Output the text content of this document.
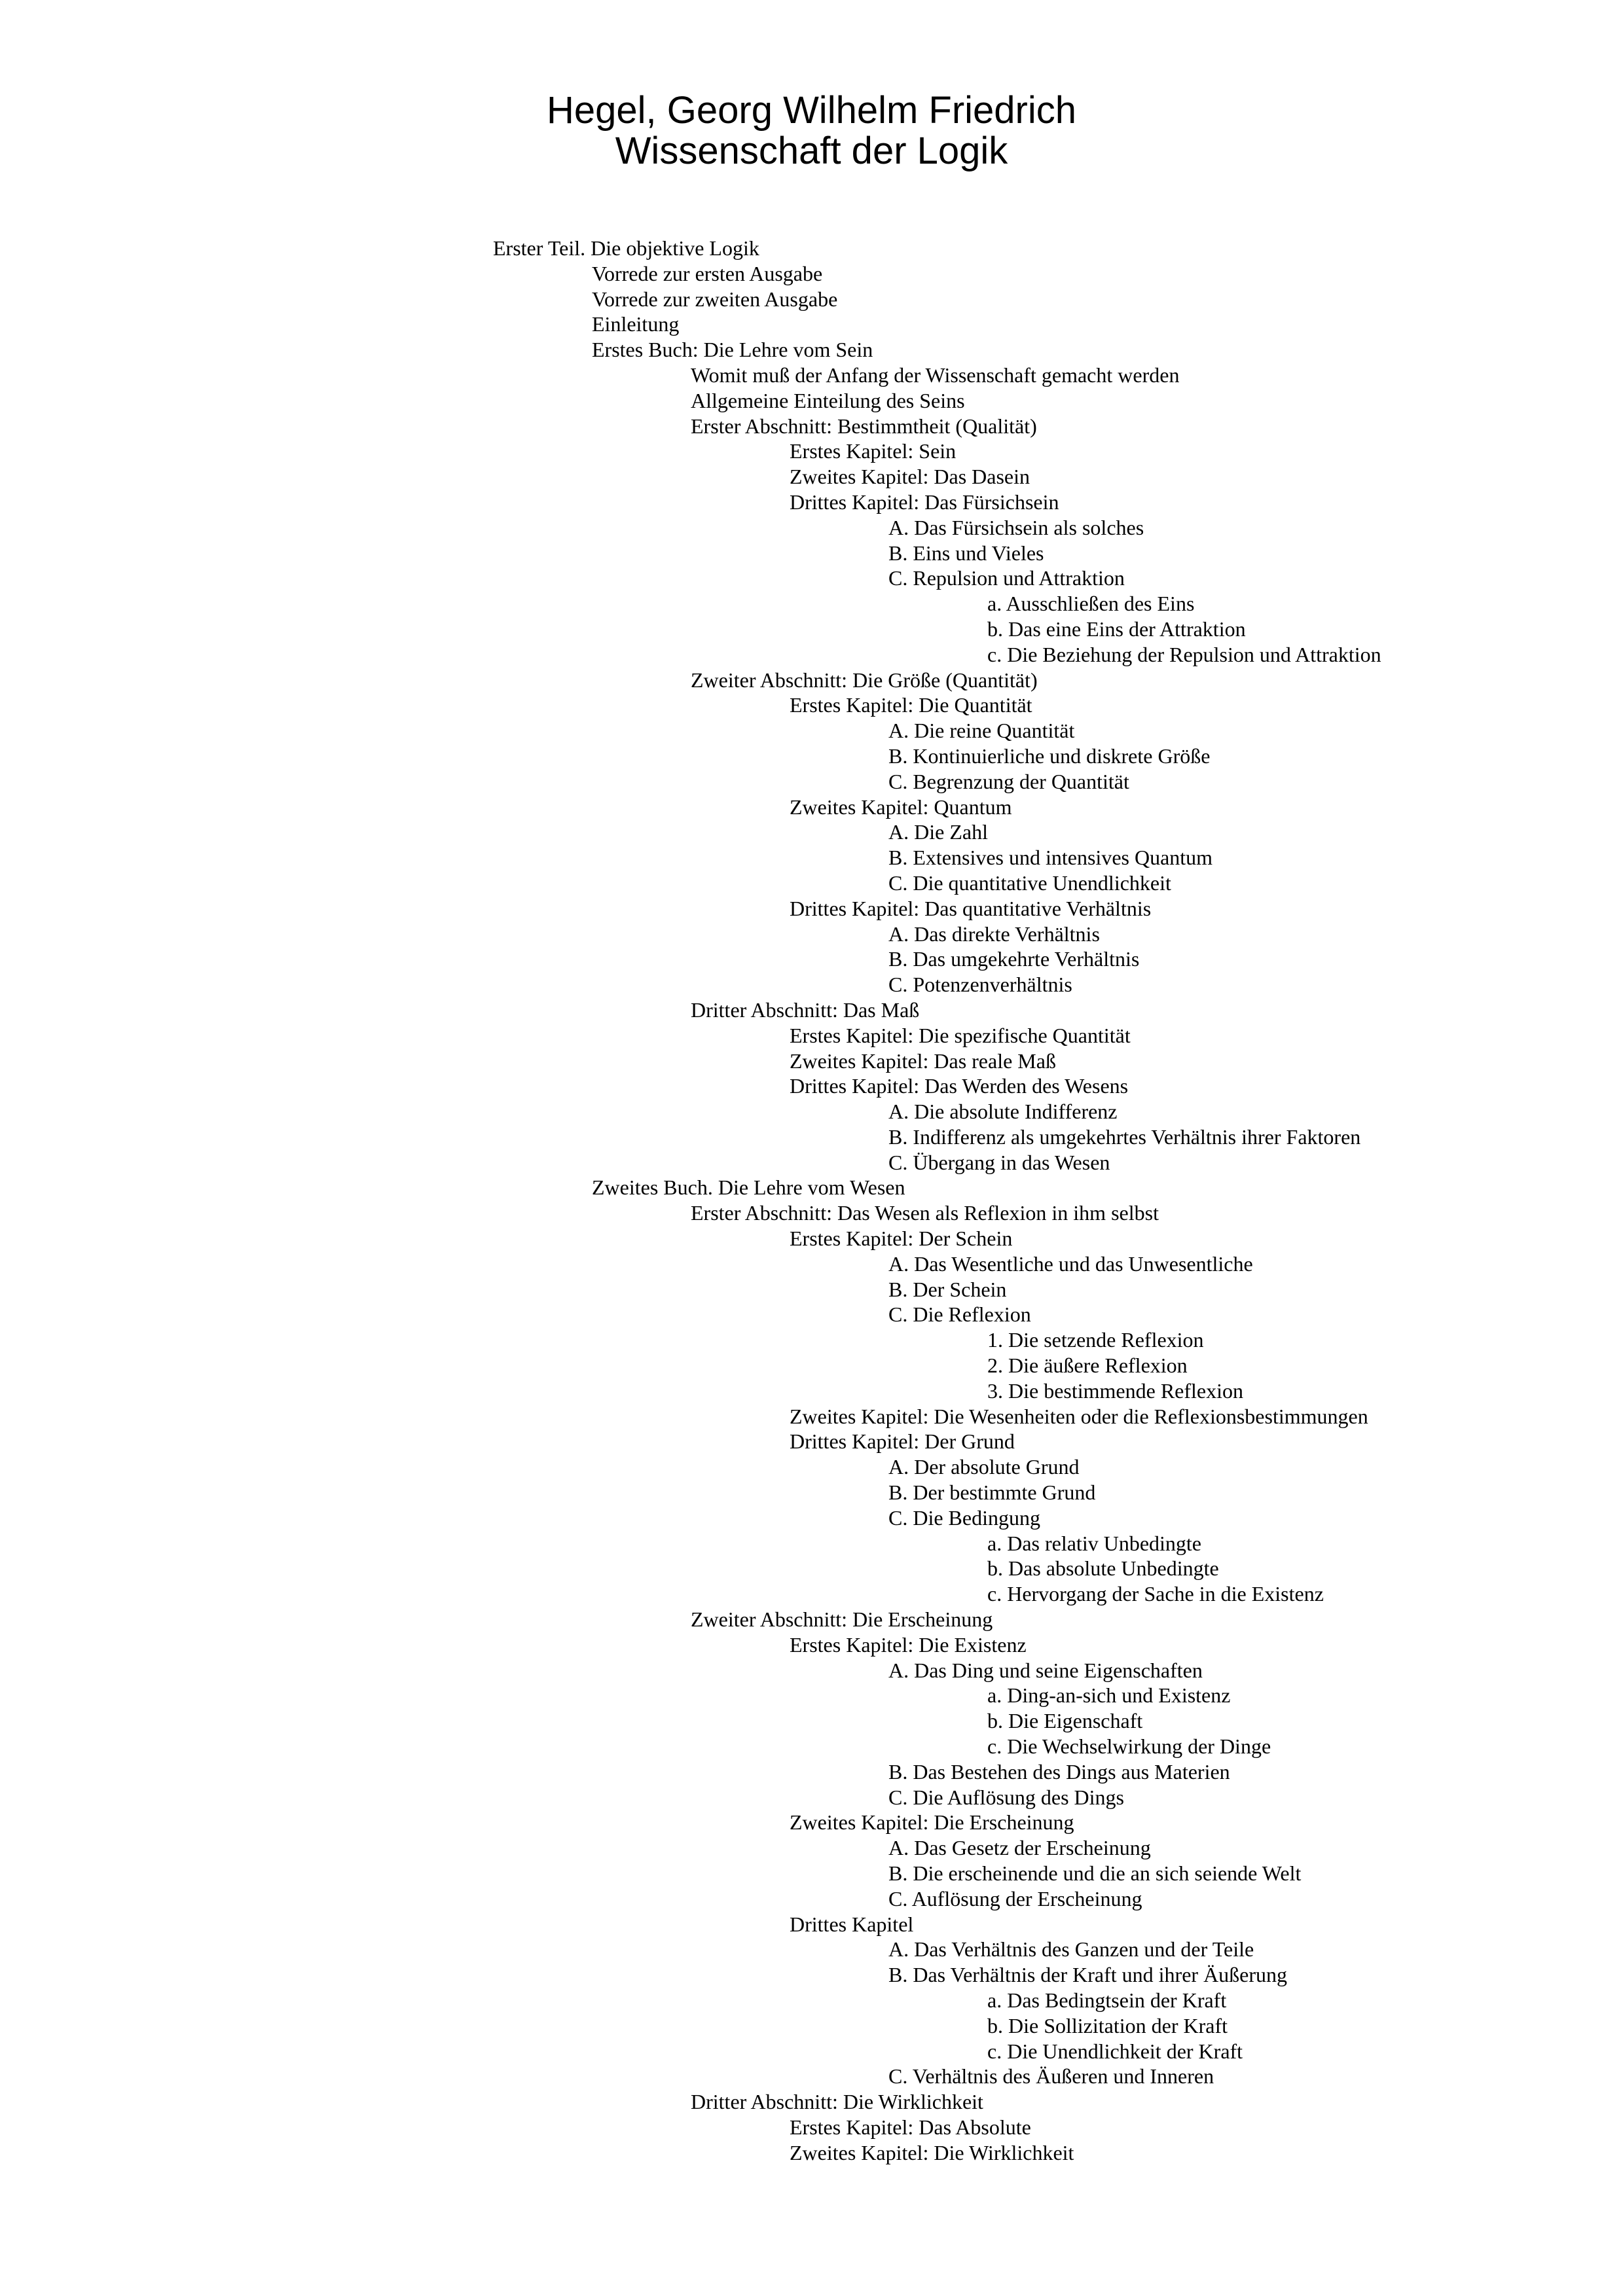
Hegel, Georg Wilhelm Friedrich
Wissenschaft der Logik
Erster Teil. Die objektive Logik
Vorrede zur ersten Ausgabe
Vorrede zur zweiten Ausgabe
Einleitung
Erstes Buch: Die Lehre vom Sein
Womit muß der Anfang der Wissenschaft gemacht werden
Allgemeine Einteilung des Seins
Erster Abschnitt: Bestimmtheit (Qualität)
Erstes Kapitel: Sein
Zweites Kapitel: Das Dasein
Drittes Kapitel: Das Fürsichsein
A. Das Fürsichsein als solches
B. Eins und Vieles
C. Repulsion und Attraktion
a. Ausschließen des Eins
b. Das eine Eins der Attraktion
c. Die Beziehung der Repulsion und Attraktion
Zweiter Abschnitt: Die Größe (Quantität)
Erstes Kapitel: Die Quantität
A. Die reine Quantität
B. Kontinuierliche und diskrete Größe
C. Begrenzung der Quantität
Zweites Kapitel: Quantum
A. Die Zahl
B. Extensives und intensives Quantum
C. Die quantitative Unendlichkeit
Drittes Kapitel: Das quantitative Verhältnis
A. Das direkte Verhältnis
B. Das umgekehrte Verhältnis
C. Potenzenverhältnis
Dritter Abschnitt: Das Maß
Erstes Kapitel: Die spezifische Quantität
Zweites Kapitel: Das reale Maß
Drittes Kapitel: Das Werden des Wesens
A. Die absolute Indifferenz
B. Indifferenz als umgekehrtes Verhältnis ihrer Faktoren
C. Übergang in das Wesen
Zweites Buch. Die Lehre vom Wesen
Erster Abschnitt: Das Wesen als Reflexion in ihm selbst
Erstes Kapitel: Der Schein
A. Das Wesentliche und das Unwesentliche
B. Der Schein
C. Die Reflexion
1. Die setzende Reflexion
2. Die äußere Reflexion
3. Die bestimmende Reflexion
Zweites Kapitel: Die Wesenheiten oder die Reflexionsbestimmungen
Drittes Kapitel: Der Grund
A. Der absolute Grund
B. Der bestimmte Grund
C. Die Bedingung
a. Das relativ Unbedingte
b. Das absolute Unbedingte
c. Hervorgang der Sache in die Existenz
Zweiter Abschnitt: Die Erscheinung
Erstes Kapitel: Die Existenz
A. Das Ding und seine Eigenschaften
a. Ding-an-sich und Existenz
b. Die Eigenschaft
c. Die Wechselwirkung der Dinge
B. Das Bestehen des Dings aus Materien
C. Die Auflösung des Dings
Zweites Kapitel: Die Erscheinung
A. Das Gesetz der Erscheinung
B. Die erscheinende und die an sich seiende Welt
C. Auflösung der Erscheinung
Drittes Kapitel
A. Das Verhältnis des Ganzen und der Teile
B. Das Verhältnis der Kraft und ihrer Äußerung
a. Das Bedingtsein der Kraft
b. Die Sollizitation der Kraft
c. Die Unendlichkeit der Kraft
C. Verhältnis des Äußeren und Inneren
Dritter Abschnitt: Die Wirklichkeit
Erstes Kapitel: Das Absolute
Zweites Kapitel: Die Wirklichkeit
